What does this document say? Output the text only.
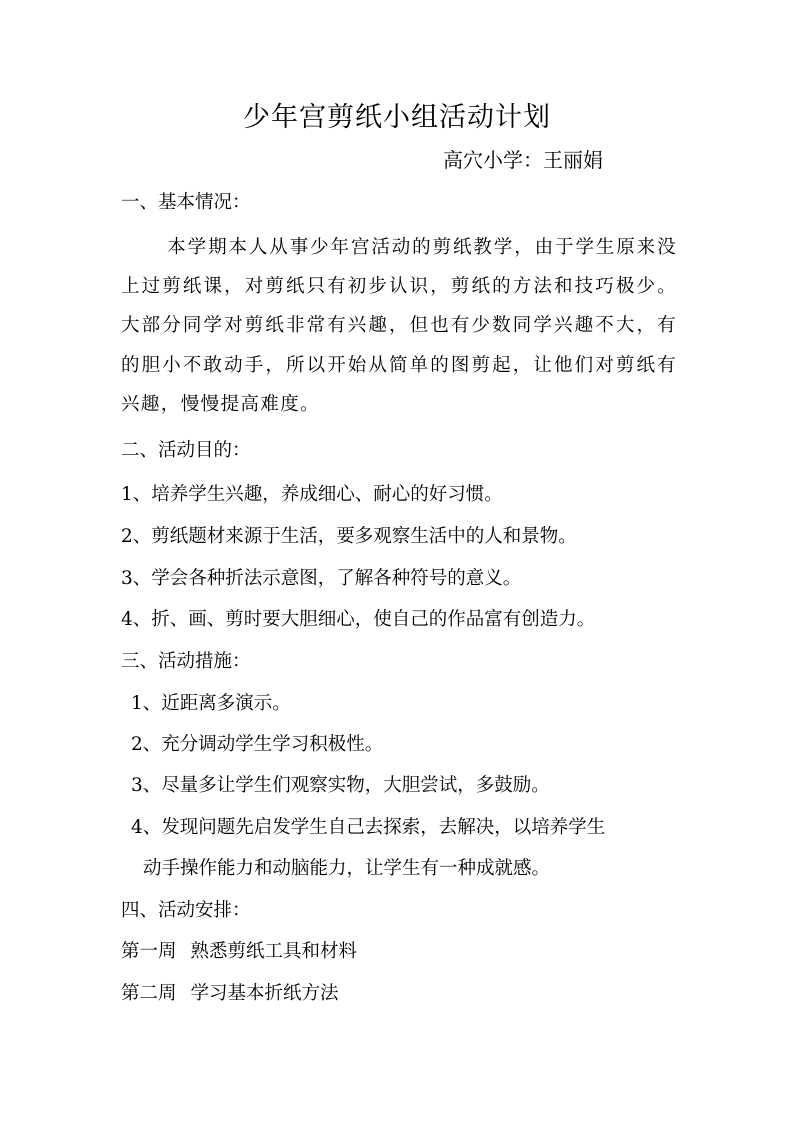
少年宫剪纸小组活动计划
高穴小学：王丽娟
一、基本情况：
本学期本人从事少年宫活动的剪纸教学，由于学生原来没上过剪纸课，对剪纸只有初步认识，剪纸的方法和技巧极少。大部分同学对剪纸非常有兴趣，但也有少数同学兴趣不大，有的胆小不敢动手，所以开始从简单的图剪起，让他们对剪纸有兴趣，慢慢提高难度。
二、活动目的：
1、培养学生兴趣，养成细心、耐心的好习惯。
2、剪纸题材来源于生活，要多观察生活中的人和景物。
3、学会各种折法示意图，了解各种符号的意义。
4、折、画、剪时要大胆细心，使自己的作品富有创造力。
三、活动措施：
1、近距离多演示。
2、充分调动学生学习积极性。
3、尽量多让学生们观察实物，大胆尝试，多鼓励。
4、发现问题先启发学生自己去探索，去解决，以培养学生
动手操作能力和动脑能力，让学生有一种成就感。
四、活动安排：
第一周 熟悉剪纸工具和材料
第二周 学习基本折纸方法
